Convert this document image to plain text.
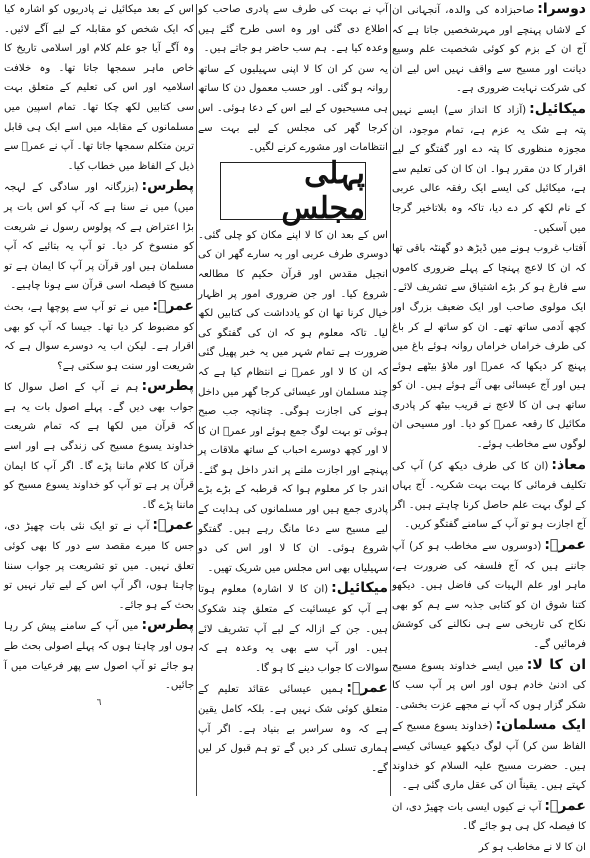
دوسرا:صاحبزادہ کی والدہ، آنجہانی ان کے لاشاں پہنچے اور مہرشخصیں جاتا ہے کہ آج ان کے بزم کو کوئی شخصیت علم وسیع دیانت اور مسیح سے واقف نہیں اس لیے ان کی شرکت نہایت ضروری ہے۔

میکائیل:(آزاد کا انداز سے) ایسے نہیں پتہ ہے شک یہ عزم ہے، تمام موجود، ان مجوزہ منظوری کا پتہ دے اور گفتگو کے لیے اقرار کا دن مقرر ہوا۔ ان کا ان کی تعلیم سے ہے، میکائیل کی ایسے ایک رفقہ عالی عربی کے نام لکھ کر دے دیا، تاکہ وہ بلاتاخیر گرجا میں آسکیں۔

آفتاب غروب ہونے میں ڈیڑھ دو گھنٹہ باقی تھا کہ ان کا لاعج پہنچا کے پہلے ضروری کاموں سے فارغ ہو کر بڑے اشتیاق سے تشریف لائے۔ ایک مولوی صاحب اور ایک ضعیف بزرگ اور کچھ آدمی ساتھ تھے۔ ان کو ساتھ لے کر باغ کی طرف خراماں خراماں روانہ ہوئے باغ میں پہنچ کر دیکھا کہ عمرؓ اور ملاؤ بیٹھے ہوئے ہیں اور آج عیسائی بھی آئے ہوئے ہیں۔ ان کو ساتھ ہی ان کا لاعج نے قریب بیٹھ کر پادری مکائیل کا رقعہ عمرؓ کو دیا۔ اور مسیحی ان لوگوں سے مخاطب ہوئے۔

معاذ:(ان کا کی طرف دیکھ کر) آپ کی تکلیف فرمائی کا بہت بہت شکریہ۔ آج یہاں کے لوگ بہت علم حاصل کرنا چاہتے ہیں۔ اگر آج اجازت ہو تو آپ کے سامنے گفتگو کریں۔

عمرؓ:(دوسروں سے مخاطب ہو کر) آپ جاننے ہیں کہ آج فلسفہ کی ضرورت ہے، ماہر اور علم الہیات کی فاضل ہیں۔ دیکھو کتنا شوق ان کو کتابی جذبہ سے ہم کو بھی نکاح کی تاریخی سے ہی نکالنے کی کوشش فرمائیں گے۔

ان کا لا:میں ایسے خداوند یسوع مسیح کی ادنیٰ خادم ہوں اور اس پر آپ سب کا شکر گزار ہوں کہ آپ نے مجھے عزت بخشی۔

ایک مسلمان:(خداوند یسوع مسیح کے الفاظ سن کر) آپ لوگ دیکھو عیسائی کیسے ہیں۔ حضرت مسیح علیہ السلام کو خداوند کہتے ہیں۔ یقیناً ان کی عقل ماری گئی ہے۔

عمرؓ:آپ نے کیوں ایسی بات چھیڑ دی، ان کا فیصلہ کل ہی ہو جائے گا۔

ان کا لا نے مخاطب ہو کر

آپ نے بہت کی طرف سے پادری صاحب کو اطلاع دی گئی اور وہ اسی طرح گئے ہیں وعدہ کیا ہے۔ ہم سب حاضر ہو جاتے ہیں۔

یہ سن کر ان کا لا اپنی سہیلیوں کے ساتھ روانہ ہو گئی۔ اور حسب معمول دن کا ساتھ ہی مسیحیوں کے لیے اس کے دعا ہوئی۔ اس کرجا گھر کی مجلس کے لیے بہت سے انتظامات اور مشورے کرنے لگیں۔

پہلی مجلس

اس کے بعد ان کا لا اپنے مکان کو چلی گئی۔ دوسری طرف عربی اور یہ سارے گھر ان کی انجیل مقدس اور قرآن حکیم کا مطالعہ شروع کیا۔ اور جن ضروری امور پر اظہار خیال کرنا تھا ان کو یادداشت کی کتابیں لکھ لیا۔ تاکہ معلوم ہو کہ ان کی گفتگو کی ضرورت ہے تمام شہر میں یہ خبر پھیل گئی کہ ان کا لا اور عمرؓ نے انتظام کیا ہے کہ چند مسلمان اور عیسائی کرجا گھر میں داخل ہونے کی اجازت ہوگی۔ چنانچہ جب صبح ہوئی تو بہت لوگ جمع ہوئے اور عمرؓ ان کا لا اور کچھ دوسرے احباب کے ساتھ ملاقات پر پہنچے اور اجازت ملنے پر اندر داخل ہو گئے۔ اندر جا کر معلوم ہوا کہ قرطبہ کے بڑے بڑے پادری جمع ہیں اور مسلمانوں کی ہدایت کے لیے مسیح سے دعا مانگ رہے ہیں۔ گفتگو شروع ہوئی۔ ان کا لا اور اس کی دو سہیلیاں بھی اس مجلس میں شریک تھیں۔

میکائیل:(ان کا لا اشارہ) معلوم ہوتا ہے آپ کو عیسائیت کے متعلق چند شکوک ہیں۔ جن کے ازالہ کے لیے آپ تشریف لائے ہیں۔ اور آپ سے بھی یہ وعدہ ہے کہ سوالات کا جواب دینے کا ہو گا۔

عمرؓ:ہمیں عیسائی عقائد تعلیم کے متعلق کوئی شک نہیں ہے۔ بلکہ کامل یقین ہے کہ وہ سراسر بے بنیاد ہے۔ اگر آپ ہماری تسلی کر دیں گے تو ہم قبول کر لیں گے۔

اس کے بعد میکائیل نے پادریوں کو اشارہ کیا کہ ایک شخص کو مقابلہ کے لیے آگے لائیں۔ وہ آگے آیا جو علم کلام اور اسلامی تاریخ کا خاص ماہر سمجھا جاتا تھا۔ وہ خلافت اسلامیہ اور اس کی تعلیم کے متعلق بہت سی کتابیں لکھ چکا تھا۔ تمام اسپین میں مسلمانوں کے مقابلہ میں اسے ایک ہی قابل ترین متکلم سمجھا جاتا تھا۔ آپ نے عمرؓ سے ذیل کے الفاظ میں خطاب کیا۔

پطرس:(بزرگانہ اور سادگی کے لہجہ میں) میں نے سنا ہے کہ آپ کو اس بات پر بڑا اعتراض ہے کہ پولوس رسول نے شریعت کو منسوخ کر دیا۔ تو آپ یہ بتائیے کہ آپ مسلمان ہیں اور قرآن پر آپ کا ایمان ہے تو مسیح کا فیصلہ اسی قرآن سے ہونا چاہیے۔

عمرؓ:میں نے تو آپ سے پوچھا ہے، بحث کو مضبوط کر دیا تھا۔ جیسا کہ آپ کو بھی اقرار ہے۔ لیکن اب یہ دوسرے سوال ہے کہ شریعت اور سنت ہو سکتی ہے؟

پطرس:ہم نے آپ کے اصل سوال کا جواب بھی دیں گے۔ پہلے اصول بات یہ ہے کہ قرآن میں لکھا ہے کہ تمام شریعت خداوند یسوع مسیح کی زندگی ہے اور اسے قرآن کا کلام ماننا پڑے گا۔ اگر آپ کا ایمان قرآن پر ہے تو آپ کو خداوند یسوع مسیح کو ماننا پڑے گا۔

عمرؓ:آپ نے تو ایک نئی بات چھیڑ دی، جس کا میرے مقصد سے دور کا بھی کوئی تعلق نہیں۔ میں تو تشریعت پر جواب سننا چاہتا ہوں، اگر آپ اس کے لیے تیار نہیں تو بحث کے ہو جائے۔

پطرس:میں آپ کے سامنے پیش کر رہا ہوں اور چاہتا ہوں کہ پہلے اصولی بحث طے ہو جائے تو آپ اصول سے پھر فرعیات میں آ جائیں۔

٦
